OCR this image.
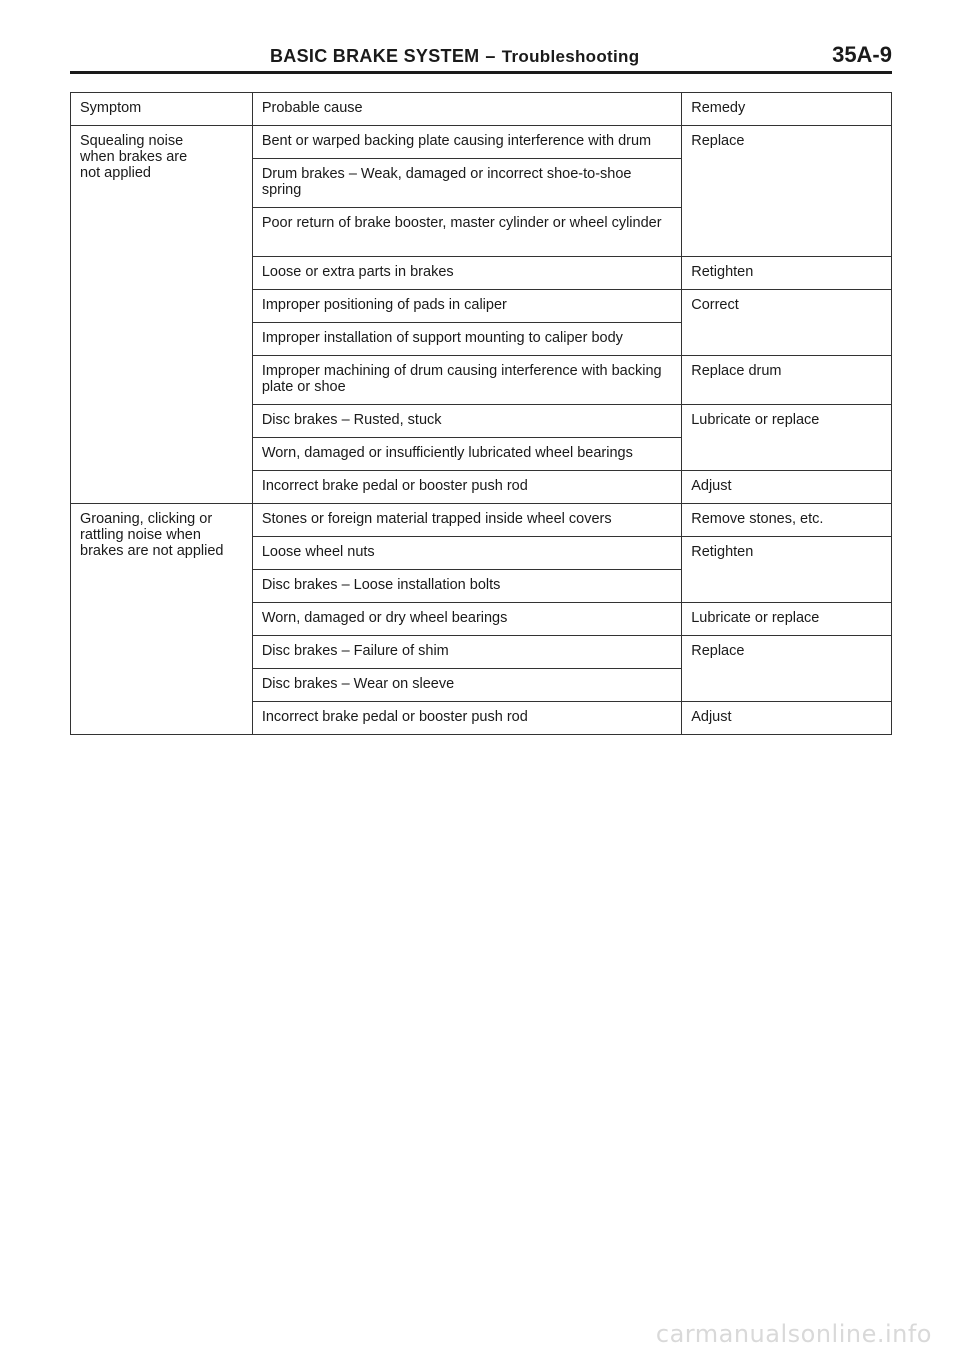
BASIC BRAKE SYSTEM – Troubleshooting	35A-9
Symptom	Probable cause	Remedy
Squealing noise
when brakes are
not applied	Bent or warped backing plate causing interference with drum	Replace
	Drum brakes – Weak, damaged or incorrect shoe-to-shoe spring	
	Poor return of brake booster, master cylinder or wheel cylinder	
	Loose or extra parts in brakes	Retighten
	Improper positioning of pads in caliper	Correct
	Improper installation of support mounting to caliper body	
	Improper machining of drum causing interference with backing plate or shoe	Replace drum
	Disc brakes – Rusted, stuck	Lubricate or replace
	Worn, damaged or insufficiently lubricated wheel bearings	
	Incorrect brake pedal or booster push rod	Adjust
Groaning, clicking or
rattling noise when
brakes are not applied	Stones or foreign material trapped inside wheel covers	Remove stones, etc.
	Loose wheel nuts	Retighten
	Disc brakes – Loose installation bolts	
	Worn, damaged or dry wheel bearings	Lubricate or replace
	Disc brakes – Failure of shim	Replace
	Disc brakes – Wear on sleeve	
	Incorrect brake pedal or booster push rod	Adjust
carmanualsonline.info
